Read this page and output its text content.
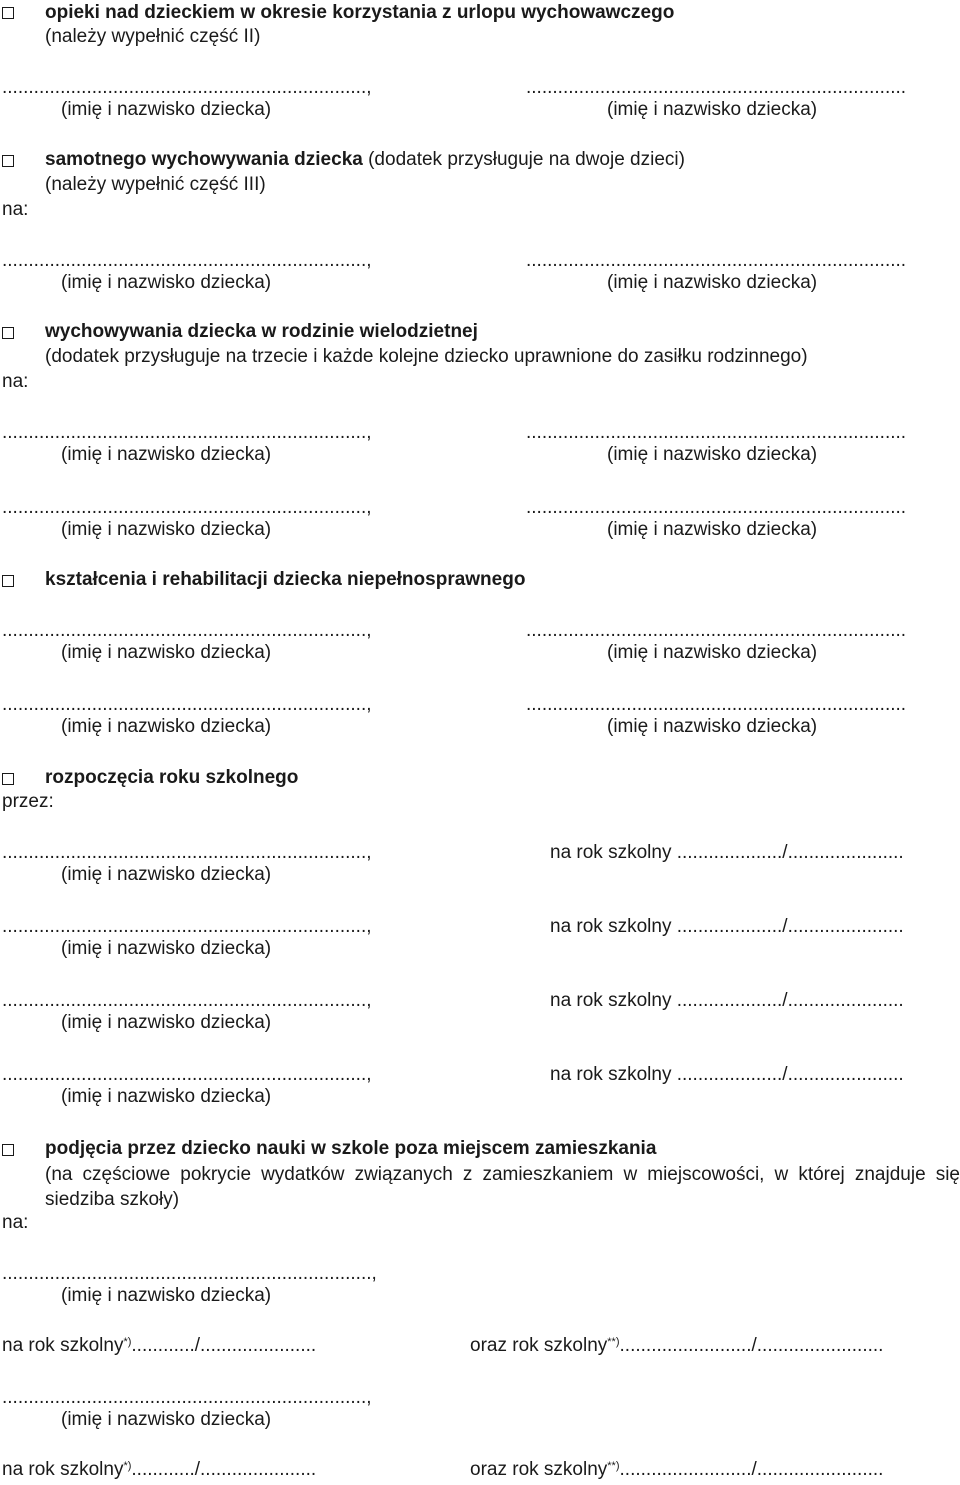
opieki nad dzieckiem w okresie korzystania z urlopu wychowawczego
(należy wypełnić część II)
.....................................................................,	........................................................................
(imię i nazwisko dziecka)	(imię i nazwisko dziecka)
samotnego wychowywania dziecka (dodatek przysługuje na dwoje dzieci)
(należy wypełnić część III)
na:
.....................................................................,	........................................................................
(imię i nazwisko dziecka)	(imię i nazwisko dziecka)
wychowywania dziecka w rodzinie wielodzietnej
(dodatek przysługuje na trzecie i każde kolejne dziecko uprawnione do zasiłku rodzinnego)
na:
.....................................................................,	........................................................................
(imię i nazwisko dziecka)	(imię i nazwisko dziecka)
.....................................................................,	........................................................................
(imię i nazwisko dziecka)	(imię i nazwisko dziecka)
kształcenia i rehabilitacji dziecka niepełnosprawnego
.....................................................................,	........................................................................
(imię i nazwisko dziecka)	(imię i nazwisko dziecka)
.....................................................................,	........................................................................
(imię i nazwisko dziecka)	(imię i nazwisko dziecka)
rozpoczęcia roku szkolnego
przez:
.....................................................................,	na rok szkolny ..................../......................
(imię i nazwisko dziecka)
.....................................................................,	na rok szkolny ..................../......................
(imię i nazwisko dziecka)
.....................................................................,	na rok szkolny ..................../......................
(imię i nazwisko dziecka)
.....................................................................,	na rok szkolny ..................../......................
(imię i nazwisko dziecka)
podjęcia przez dziecko nauki w szkole poza miejscem zamieszkania
(na częściowe pokrycie wydatków związanych z zamieszkaniem w miejscowości, w której znajduje się siedziba szkoły)
na:
......................................................................,
(imię i nazwisko dziecka)
na rok szkolny*)............/......................	oraz rok szkolny**)........................./........................
.....................................................................,
(imię i nazwisko dziecka)
na rok szkolny*)............/......................	oraz rok szkolny**)........................./........................
